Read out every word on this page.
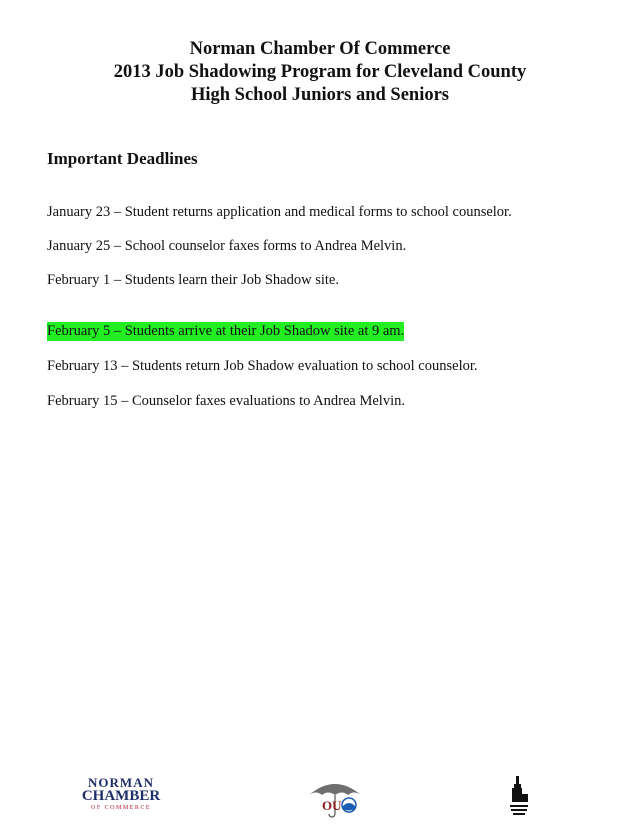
Norman Chamber Of Commerce
2013 Job Shadowing Program for Cleveland County
High School Juniors and Seniors
Important Deadlines
January 23 – Student returns application and medical forms to school counselor.
January 25 – School counselor faxes forms to Andrea Melvin.
February 1 – Students learn their Job Shadow site.
February 5 – Students arrive at their Job Shadow site at 9 am.
February 13 – Students return Job Shadow evaluation to school counselor.
February 15 – Counselor faxes evaluations to Andrea Melvin.
NORMAN
CHAMBER
OF COMMERCE	OU
